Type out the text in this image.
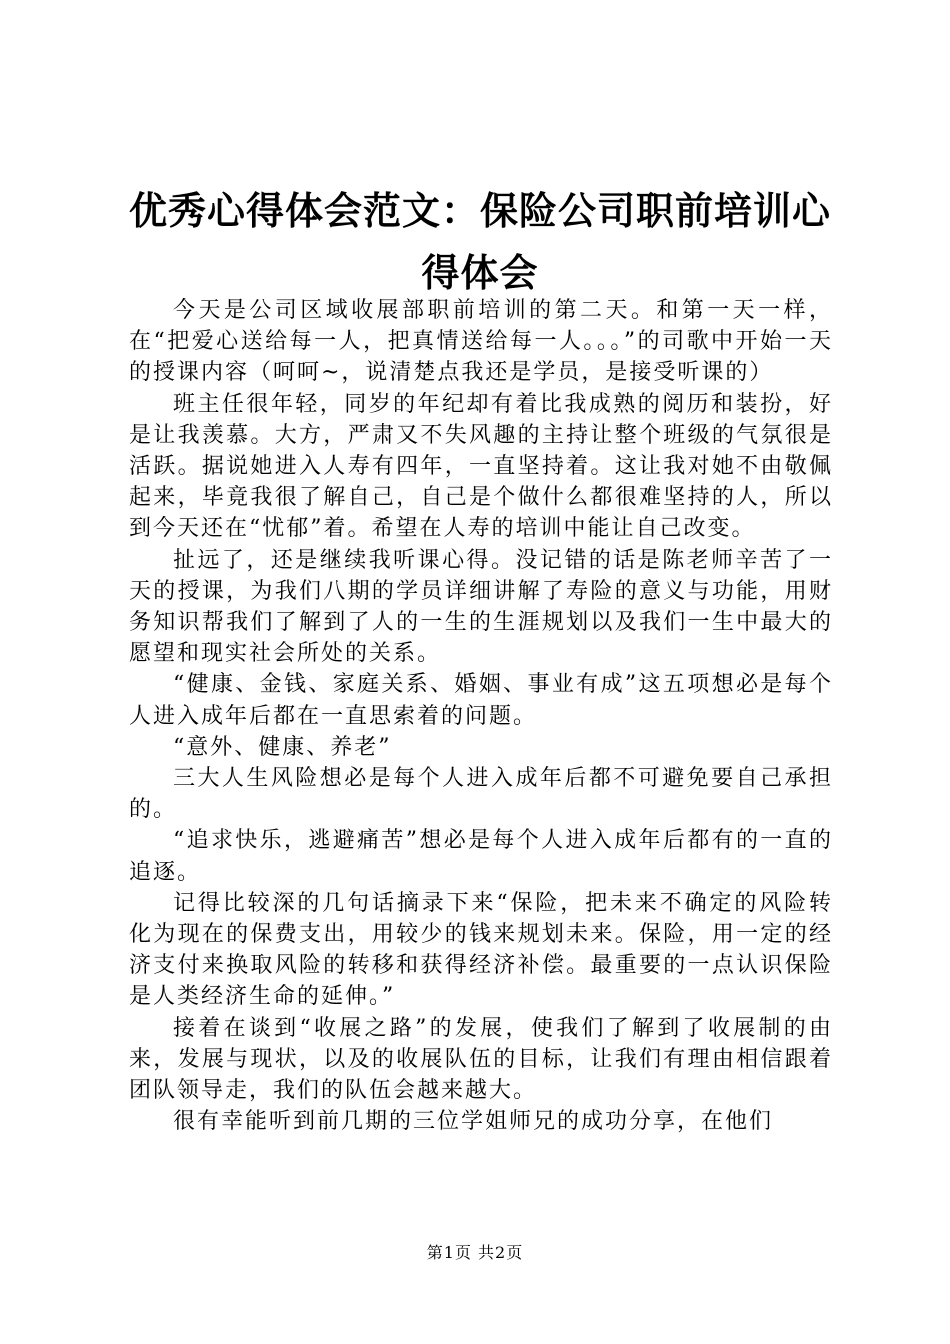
优秀心得体会范文：保险公司职前培训心得体会

今天是公司区域收展部职前培训的第二天。和第一天一样，在“把爱心送给每一人，把真情送给每一人。。。”的司歌中开始一天的授课内容（呵呵~，说清楚点我还是学员，是接受听课的）

班主任很年轻，同岁的年纪却有着比我成熟的阅历和装扮，好是让我羡慕。大方，严肃又不失风趣的主持让整个班级的气氛很是活跃。据说她进入人寿有四年，一直坚持着。这让我对她不由敬佩起来，毕竟我很了解自己，自己是个做什么都很难坚持的人，所以到今天还在“忧郁”着。希望在人寿的培训中能让自己改变。

扯远了，还是继续我听课心得。没记错的话是陈老师辛苦了一天的授课，为我们八期的学员详细讲解了寿险的意义与功能，用财务知识帮我们了解到了人的一生的生涯规划以及我们一生中最大的愿望和现实社会所处的关系。

“健康、金钱、家庭关系、婚姻、事业有成”这五项想必是每个人进入成年后都在一直思索着的问题。

“意外、健康、养老”

三大人生风险想必是每个人进入成年后都不可避免要自己承担的。

“追求快乐，逃避痛苦”想必是每个人进入成年后都有的一直的追逐。

记得比较深的几句话摘录下来“保险，把未来不确定的风险转化为现在的保费支出，用较少的钱来规划未来。保险，用一定的经济支付来换取风险的转移和获得经济补偿。最重要的一点认识保险是人类经济生命的延伸。”

接着在谈到“收展之路”的发展，使我们了解到了收展制的由来，发展与现状，以及的收展队伍的目标，让我们有理由相信跟着团队领导走，我们的队伍会越来越大。

很有幸能听到前几期的三位学姐师兄的成功分享，在他们

第1页 共2页
